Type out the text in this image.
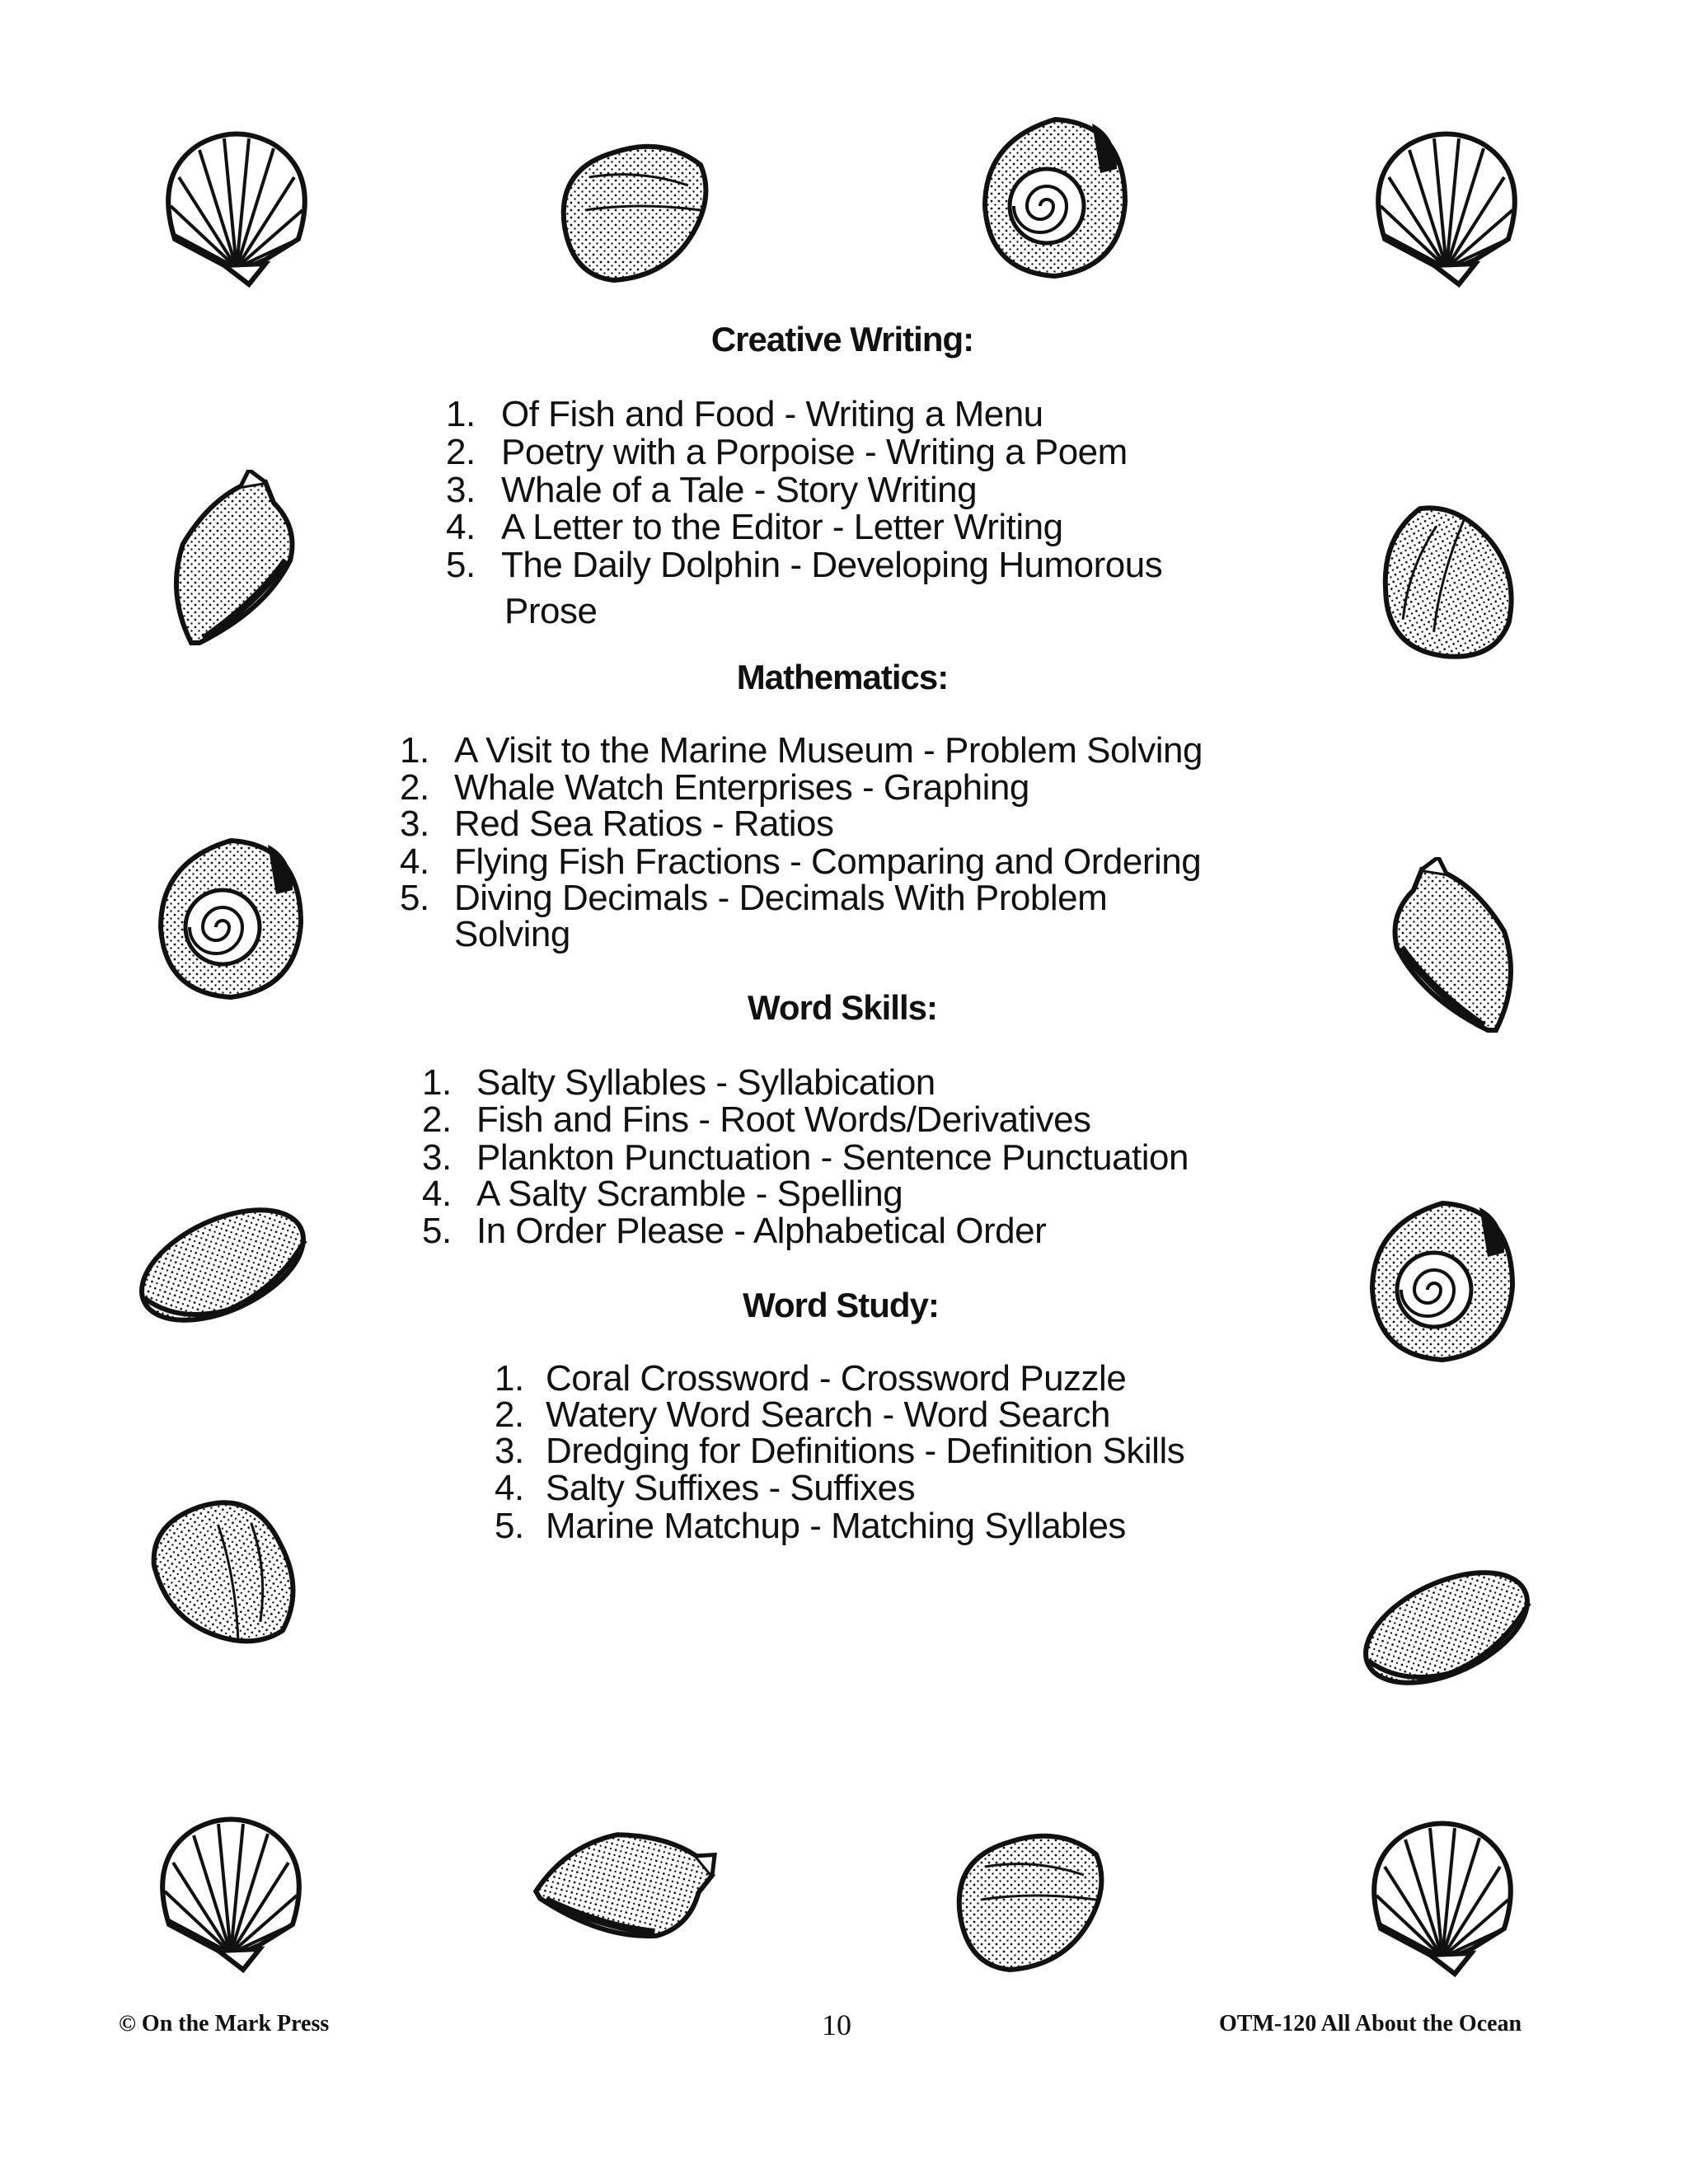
Creative Writing:
1. Of Fish and Food - Writing a Menu
2. Poetry with a Porpoise - Writing a Poem
3. Whale of a Tale - Story Writing
4. A Letter to the Editor - Letter Writing
5. The Daily Dolphin - Developing Humorous
Prose
Mathematics:
1. A Visit to the Marine Museum - Problem Solving
2. Whale Watch Enterprises - Graphing
3. Red Sea Ratios - Ratios
4. Flying Fish Fractions - Comparing and Ordering
5. Diving Decimals - Decimals With Problem
Solving
Word Skills:
1. Salty Syllables - Syllabication
2. Fish and Fins - Root Words/Derivatives
3. Plankton Punctuation - Sentence Punctuation
4. A Salty Scramble - Spelling
5. In Order Please - Alphabetical Order
Word Study:
1. Coral Crossword - Crossword Puzzle
2. Watery Word Search - Word Search
3. Dredging for Definitions - Definition Skills
4. Salty Suffixes - Suffixes
5. Marine Matchup - Matching Syllables
© On the Mark Press	10	OTM-120 All About the Ocean
